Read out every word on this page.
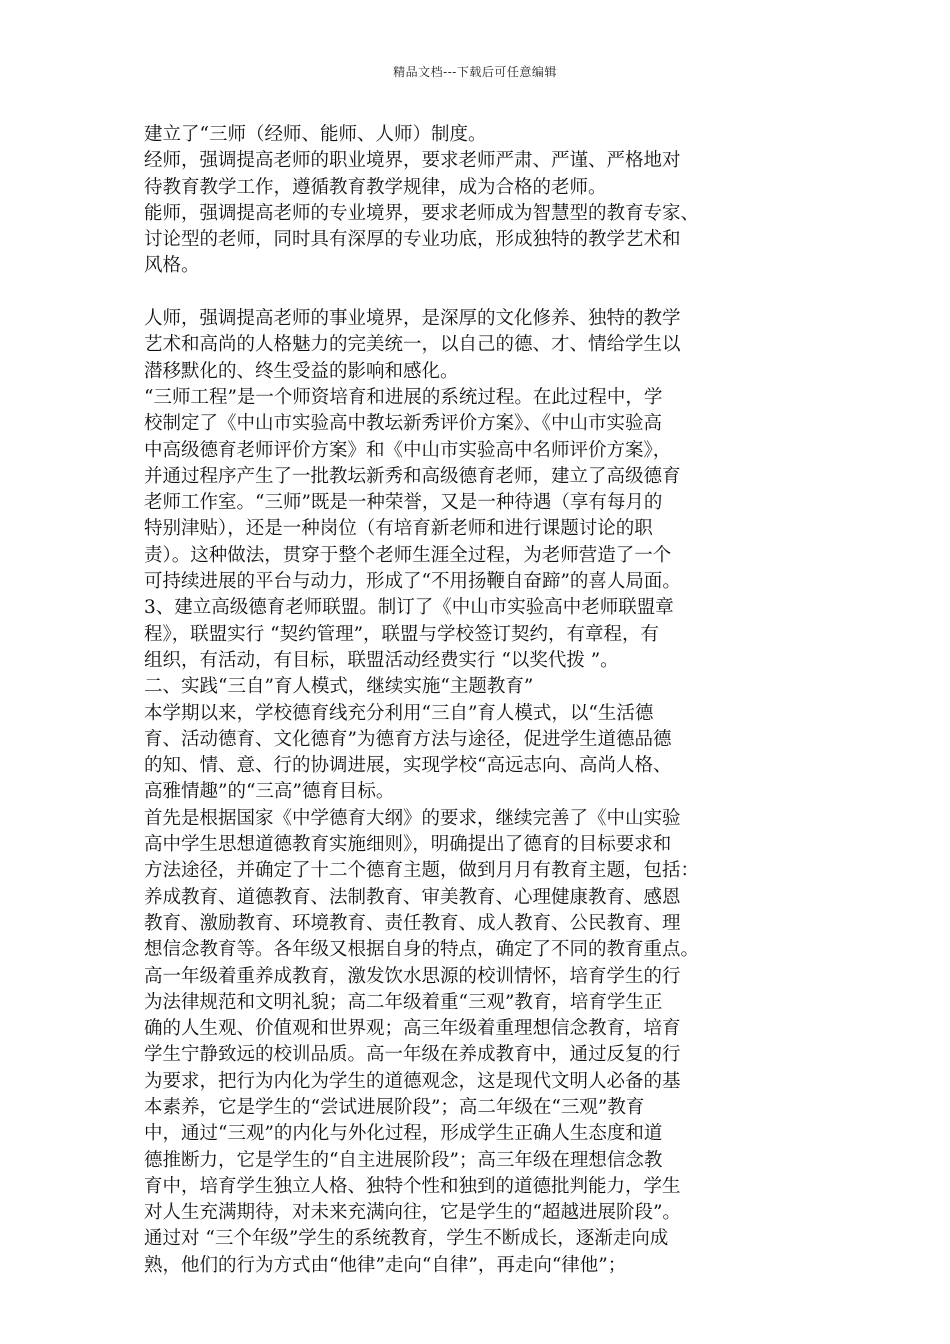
精品文档---下载后可任意编辑
建立了“三师（经师、能师、人师）制度。
经师，强调提高老师的职业境界，要求老师严肃、严谨、严格地对
待教育教学工作，遵循教育教学规律，成为合格的老师。
能师，强调提高老师的专业境界，要求老师成为智慧型的教育专家、
讨论型的老师，同时具有深厚的专业功底，形成独特的教学艺术和
风格。
人师，强调提高老师的事业境界，是深厚的文化修养、独特的教学
艺术和高尚的人格魅力的完美统一，以自己的德、才、情给学生以
潜移默化的、终生受益的影响和感化。
“三师工程”是一个师资培育和进展的系统过程。在此过程中，学
校制定了《中山市实验高中教坛新秀评价方案》、《中山市实验高
中高级德育老师评价方案》和《中山市实验高中名师评价方案》，
并通过程序产生了一批教坛新秀和高级德育老师，建立了高级德育
老师工作室。“三师”既是一种荣誉，又是一种待遇（享有每月的
特别津贴），还是一种岗位（有培育新老师和进行课题讨论的职
责）。这种做法，贯穿于整个老师生涯全过程，为老师营造了一个
可持续进展的平台与动力，形成了“不用扬鞭自奋蹄”的喜人局面。
3、建立高级德育老师联盟。制订了《中山市实验高中老师联盟章
程》，联盟实行 “契约管理”，联盟与学校签订契约，有章程，有
组织，有活动，有目标，联盟活动经费实行 “以奖代拨 ”。
二、实践“三自”育人模式，继续实施“主题教育”
本学期以来，学校德育线充分利用“三自”育人模式，以“生活德
育、活动德育、文化德育”为德育方法与途径，促进学生道德品德
的知、情、意、行的协调进展，实现学校“高远志向、高尚人格、
高雅情趣”的“三高”德育目标。
首先是根据国家《中学德育大纲》的要求，继续完善了《中山实验
高中学生思想道德教育实施细则》，明确提出了德育的目标要求和
方法途径，并确定了十二个德育主题，做到月月有教育主题，包括：
养成教育、道德教育、法制教育、审美教育、心理健康教育、感恩
教育、激励教育、环境教育、责任教育、成人教育、公民教育、理
想信念教育等。各年级又根据自身的特点，确定了不同的教育重点。
高一年级着重养成教育，激发饮水思源的校训情怀，培育学生的行
为法律规范和文明礼貌；高二年级着重“三观”教育，培育学生正
确的人生观、价值观和世界观；高三年级着重理想信念教育，培育
学生宁静致远的校训品质。高一年级在养成教育中，通过反复的行
为要求，把行为内化为学生的道德观念，这是现代文明人必备的基
本素养，它是学生的“尝试进展阶段”；高二年级在“三观”教育
中，通过“三观”的内化与外化过程，形成学生正确人生态度和道
德推断力，它是学生的“自主进展阶段”；高三年级在理想信念教
育中，培育学生独立人格、独特个性和独到的道德批判能力，学生
对人生充满期待，对未来充满向往，它是学生的“超越进展阶段”。
通过对 “三个年级”学生的系统教育，学生不断成长，逐渐走向成
熟，他们的行为方式由“他律”走向“自律”，再走向“律他”；
